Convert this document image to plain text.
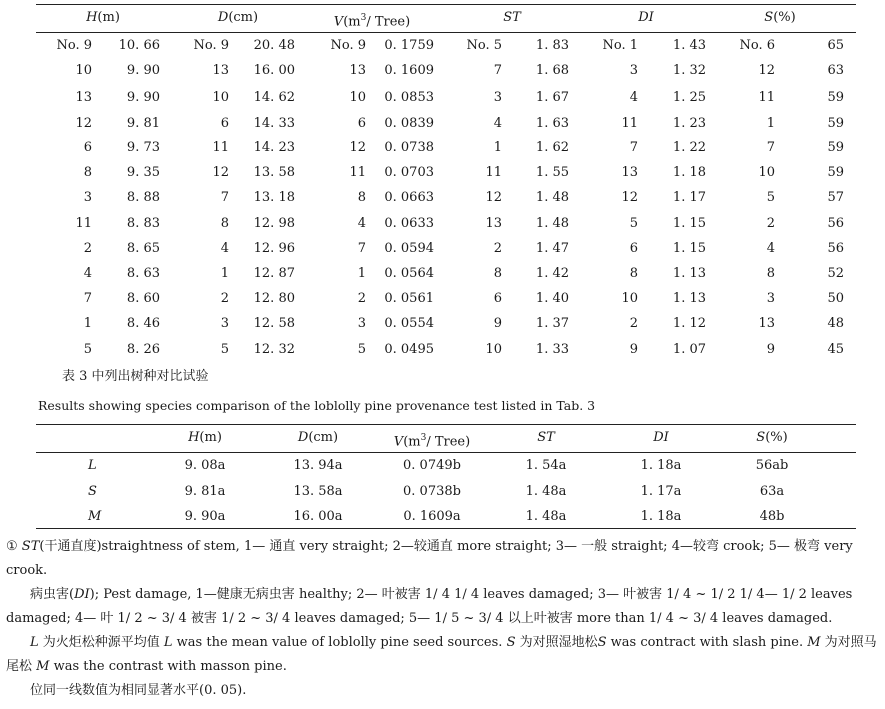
H(m)	D(cm)	$V(m^3/$ Tree)	ST	DI	S(%)
No. 9	10. 66	No. 9	20. 48	No. 9	0. 1759	No. 5	1. 83	No. 1	1. 43	No. 6	65
10	9. 90	13	16. 00	13	0. 1609	7	1. 68	3	1. 32	12	63
13	9. 90	10	14. 62	10	0. 0853	3	1. 67	4	1. 25	11	59
12	9. 81	6	14. 33	6	0. 0839	4	1. 63	11	1. 23	1	59
6	9. 73	11	14. 23	12	0. 0738	1	1. 62	7	1. 22	7	59
8	9. 35	12	13. 58	11	0. 0703	11	1. 55	13	1. 18	10	59
3	8. 88	7	13. 18	8	0. 0663	12	1. 48	12	1. 17	5	57
11	8. 83	8	12. 98	4	0. 0633	13	1. 48	5	1. 15	2	56
2	8. 65	4	12. 96	7	0. 0594	2	1. 47	6	1. 15	4	56
4	8. 63	1	12. 87	1	0. 0564	8	1. 42	8	1. 13	8	52
7	8. 60	2	12. 80	2	0. 0561	6	1. 40	10	1. 13	3	50
1	8. 46	3	12. 58	3	0. 0554	9	1. 37	2	1. 12	13	48
5	8. 26	5	12. 32	5	0. 0495	10	1. 33	9	1. 07	9	45
表 3 中列出树种对比试验
Results showing species comparison of the loblolly pine provenance test listed in Tab. 3
H(m)	D(cm)	$V(m^3/$ Tree)	ST	DI	S(%)
L	9. 08a	13. 94a	0. 0749b	1. 54a	1. 18a	56ab
S	9. 81a	13. 58a	0. 0738b	1. 48a	1. 17a	63a
M	9. 90a	16. 00a	0. 1609a	1. 48a	1. 18a	48b

① ST(干通直度)straightness of stem, 1— 通直 very straight; 2—较通直 more straight; 3— 一般 straight; 4—较弯 crook; 5— 极弯 very crook.

病虫害(DI); Pest damage, 1—健康无病虫害 healthy; 2— 叶被害 1/ 4 1/ 4 leaves damaged; 3— 叶被害 1/ 4 ~ 1/ 2 1/ 4— 1/ 2 leaves damaged; 4— 叶 1/ 2 ~ 3/ 4 被害 1/ 2 ~ 3/ 4 leaves damaged; 5— 1/ 5 ~ 3/ 4 以上叶被害 more than 1/ 4 ~ 3/ 4 leaves damaged.

L 为火炬松种源平均值 L was the mean value of loblolly pine seed sources. S 为对照湿地松S was contract with slash pine. M 为对照马尾松 M was the contrast with masson pine.

位同一线数值为相同显著水平(0. 05).
